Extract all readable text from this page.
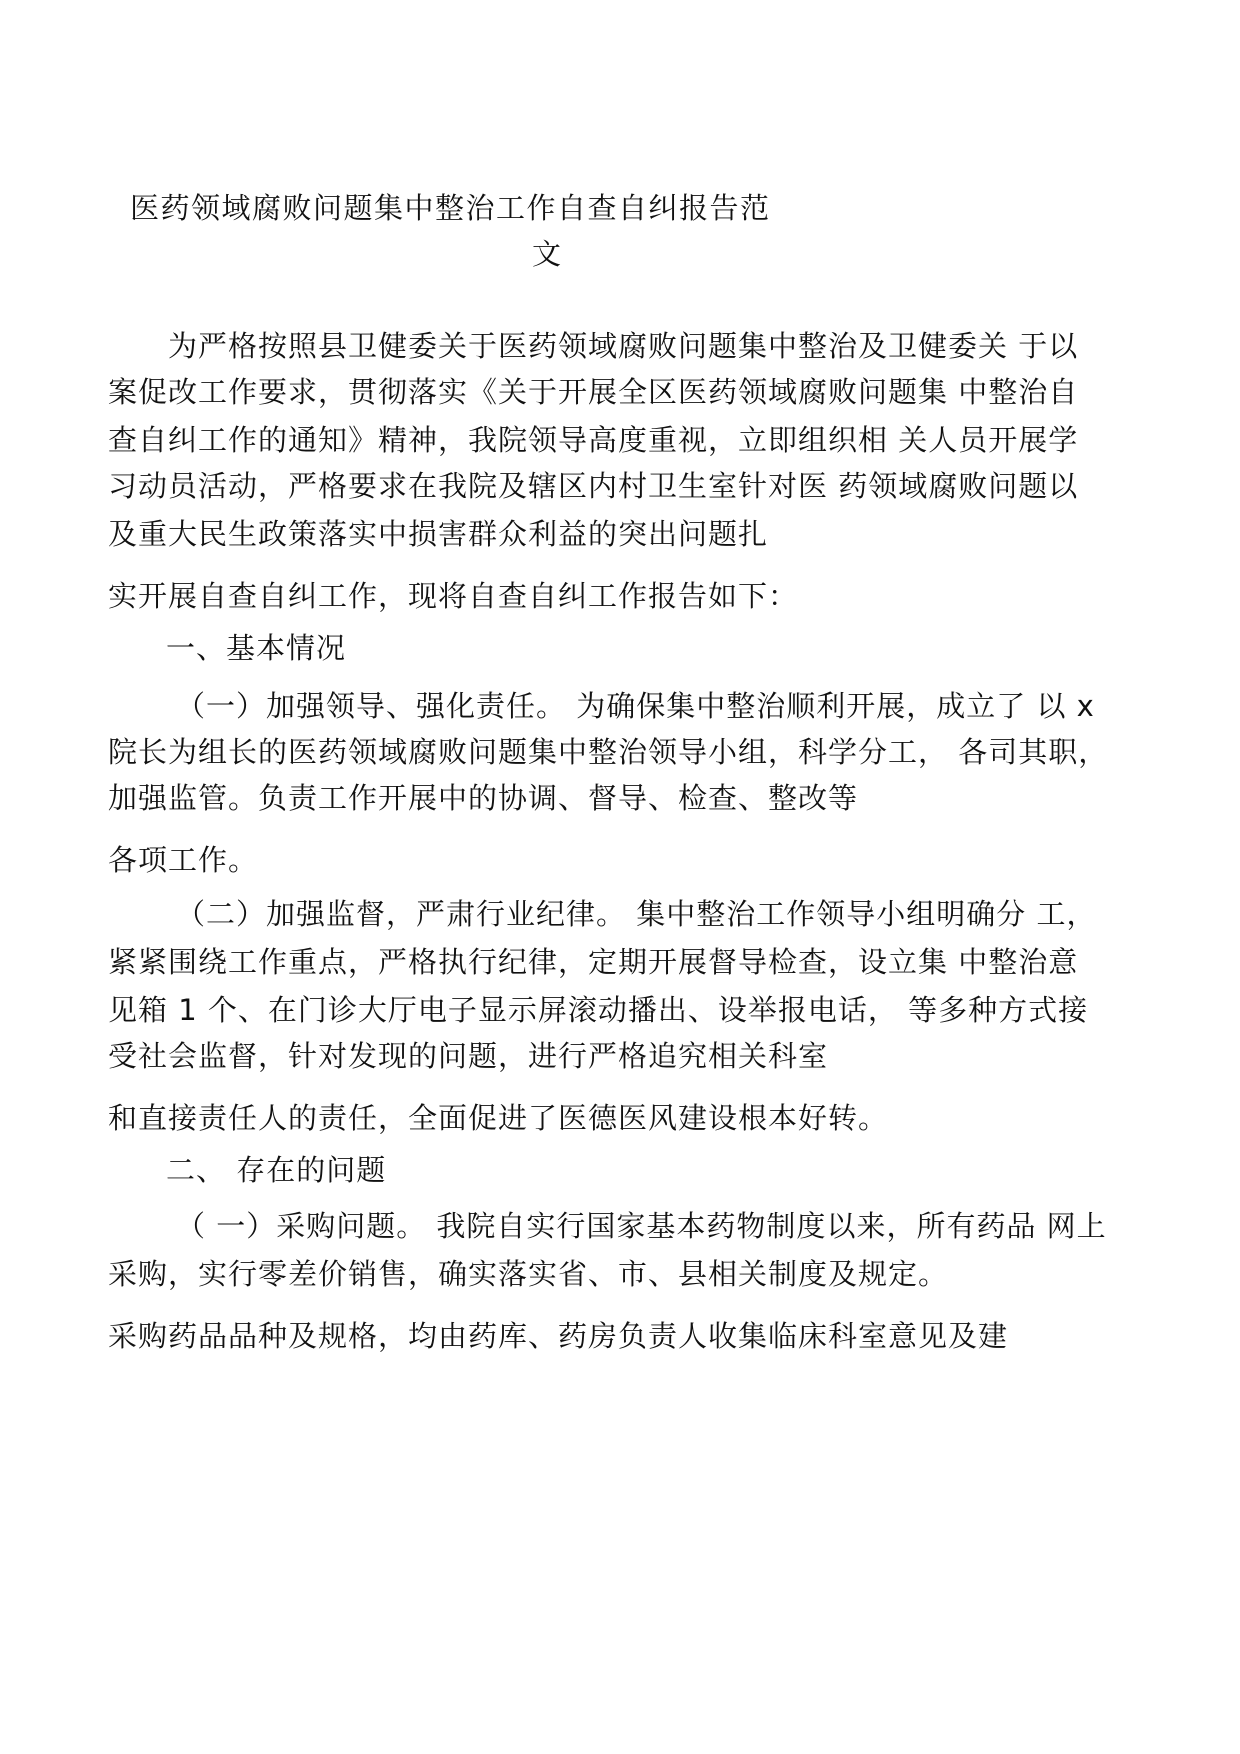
医药领域腐败问题集中整治工作自查自纠报告范

文

为严格按照县卫健委关于医药领域腐败问题集中整治及卫健委关 于以

案促改工作要求，贯彻落实《关于开展全区医药领域腐败问题集 中整治自

查自纠工作的通知》精神，我院领导高度重视，立即组织相 关人员开展学

习动员活动，严格要求在我院及辖区内村卫生室针对医 药领域腐败问题以

及重大民生政策落实中损害群众利益的突出问题扎

实开展自查自纠工作，现将自查自纠工作报告如下：

一、基本情况

（一）加强领导、强化责任。 为确保集中整治顺利开展，成立了 以 x

院长为组长的医药领域腐败问题集中整治领导小组，科学分工， 各司其职，

加强监管。负责工作开展中的协调、督导、检查、整改等

各项工作。

（二）加强监督，严肃行业纪律。 集中整治工作领导小组明确分 工，

紧紧围绕工作重点，严格执行纪律，定期开展督导检查，设立集 中整治意

见箱 1 个、在门诊大厅电子显示屏滚动播出、设举报电话， 等多种方式接

受社会监督，针对发现的问题，进行严格追究相关科室

和直接责任人的责任，全面促进了医德医风建设根本好转。

二、 存在的问题

（ 一）采购问题。 我院自实行国家基本药物制度以来，所有药品 网上

采购，实行零差价销售，确实落实省、市、县相关制度及规定。

采购药品品种及规格，均由药库、药房负责人收集临床科室意见及建
